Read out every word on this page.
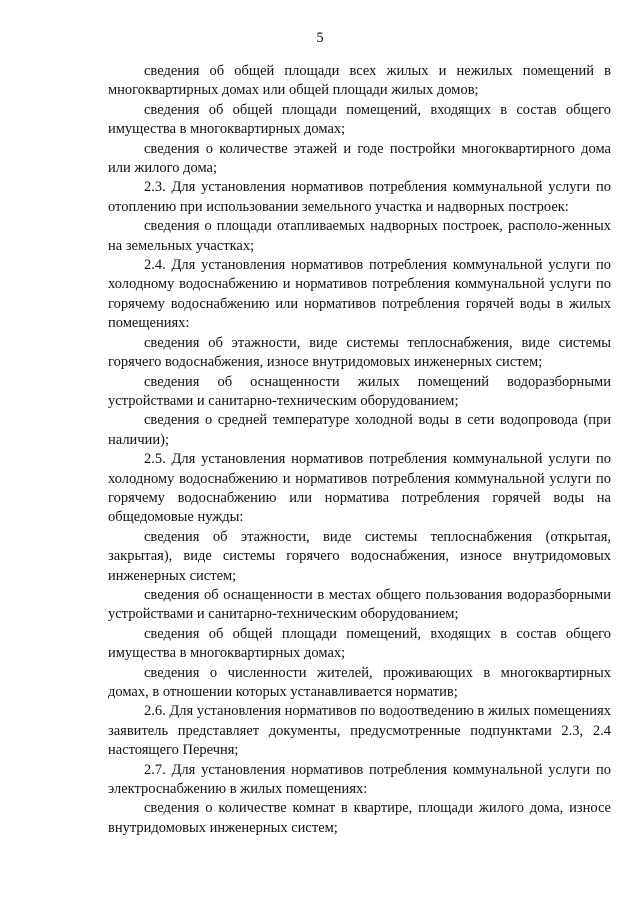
5

сведения об общей площади всех жилых и нежилых помещений в многоквартирных домах или общей площади жилых домов;

сведения об общей площади помещений, входящих в состав общего имущества в многоквартирных домах;

сведения о количестве этажей и годе постройки многоквартирного дома или жилого дома;

2.3. Для установления нормативов потребления коммунальной услуги по отоплению при использовании земельного участка и надворных построек:

сведения о площади отапливаемых надворных построек, располо-женных на земельных участках;

2.4. Для установления нормативов потребления коммунальной услуги по холодному водоснабжению и нормативов потребления коммунальной услуги по горячему водоснабжению или нормативов потребления горячей воды в жилых помещениях:

сведения об этажности, виде системы теплоснабжения, виде системы горячего водоснабжения, износе внутридомовых инженерных систем;

сведения об оснащенности жилых помещений водоразборными устройствами и санитарно-техническим оборудованием;

сведения о средней температуре холодной воды в сети водопровода (при наличии);

2.5. Для установления нормативов потребления коммунальной услуги по холодному водоснабжению и нормативов потребления коммунальной услуги по горячему водоснабжению или норматива потребления горячей воды на общедомовые нужды:

сведения об этажности, виде системы теплоснабжения (открытая, закрытая), виде системы горячего водоснабжения, износе внутридомовых инженерных систем;

сведения об оснащенности в местах общего пользования водоразборными устройствами и санитарно-техническим оборудованием;

сведения об общей площади помещений, входящих в состав общего имущества в многоквартирных домах;

сведения о численности жителей, проживающих в многоквартирных домах, в отношении которых устанавливается норматив;

2.6. Для установления нормативов по водоотведению в жилых помещениях заявитель представляет документы, предусмотренные подпунктами 2.3, 2.4 настоящего Перечня;

2.7. Для установления нормативов потребления коммунальной услуги по электроснабжению в жилых помещениях:

сведения о количестве комнат в квартире, площади жилого дома, износе внутридомовых инженерных систем;
